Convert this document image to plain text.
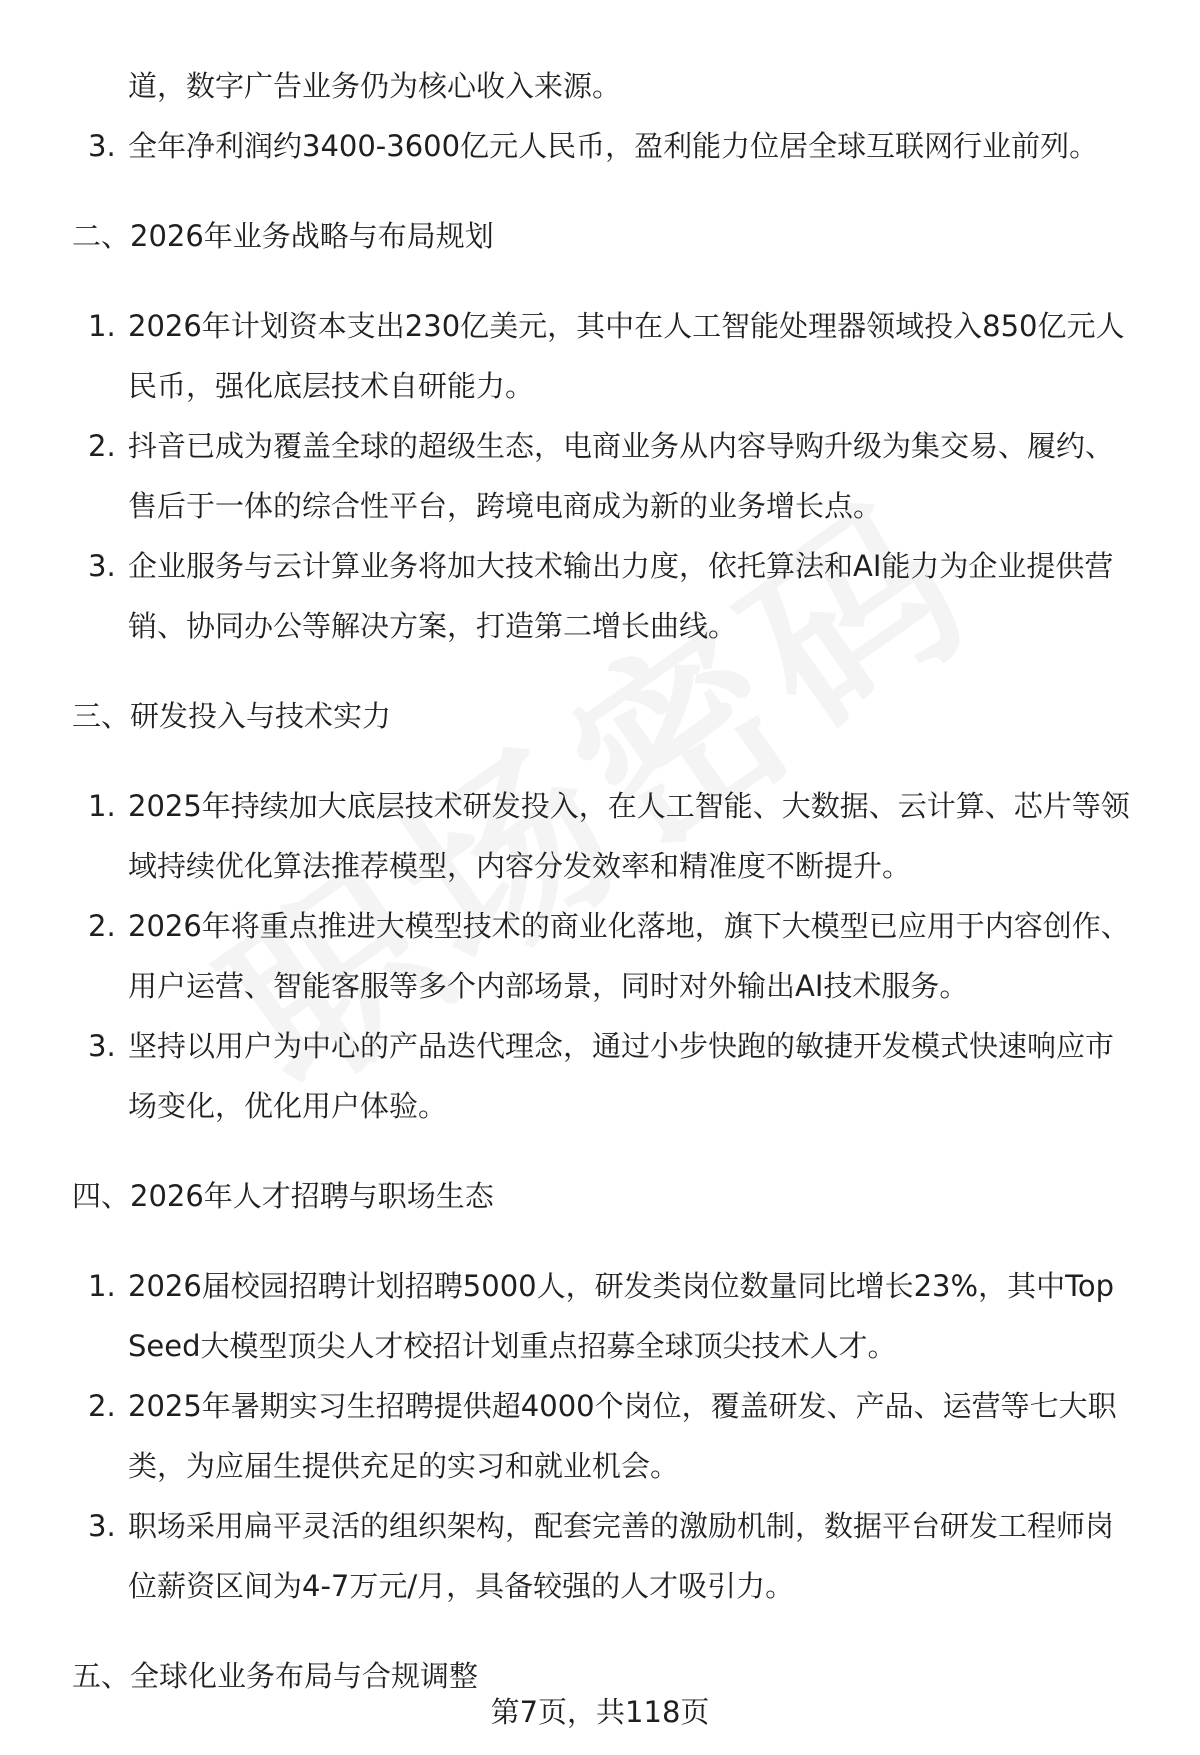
道，数字广告业务仍为核心收入来源。
3. 全年净利润约3400-3600亿元人民币，盈利能力位居全球互联网行业前列。
二、2026年业务战略与布局规划
1. 2026年计划资本支出230亿美元，其中在人工智能处理器领域投入850亿元人
民币，强化底层技术自研能力。
2. 抖音已成为覆盖全球的超级生态，电商业务从内容导购升级为集交易、履约、
售后于一体的综合性平台，跨境电商成为新的业务增长点。
3. 企业服务与云计算业务将加大技术输出力度，依托算法和AI能力为企业提供营
销、协同办公等解决方案，打造第二增长曲线。
三、研发投入与技术实力
1. 2025年持续加大底层技术研发投入，在人工智能、大数据、云计算、芯片等领
域持续优化算法推荐模型，内容分发效率和精准度不断提升。
2. 2026年将重点推进大模型技术的商业化落地，旗下大模型已应用于内容创作、
用户运营、智能客服等多个内部场景，同时对外输出AI技术服务。
3. 坚持以用户为中心的产品迭代理念，通过小步快跑的敏捷开发模式快速响应市
场变化，优化用户体验。
四、2026年人才招聘与职场生态
1. 2026届校园招聘计划招聘5000人，研发类岗位数量同比增长23%，其中Top
Seed大模型顶尖人才校招计划重点招募全球顶尖技术人才。
2. 2025年暑期实习生招聘提供超4000个岗位，覆盖研发、产品、运营等七大职
类，为应届生提供充足的实习和就业机会。
3. 职场采用扁平灵活的组织架构，配套完善的激励机制，数据平台研发工程师岗
位薪资区间为4-7万元/月，具备较强的人才吸引力。
五、全球化业务布局与合规调整
第7页，共118页
